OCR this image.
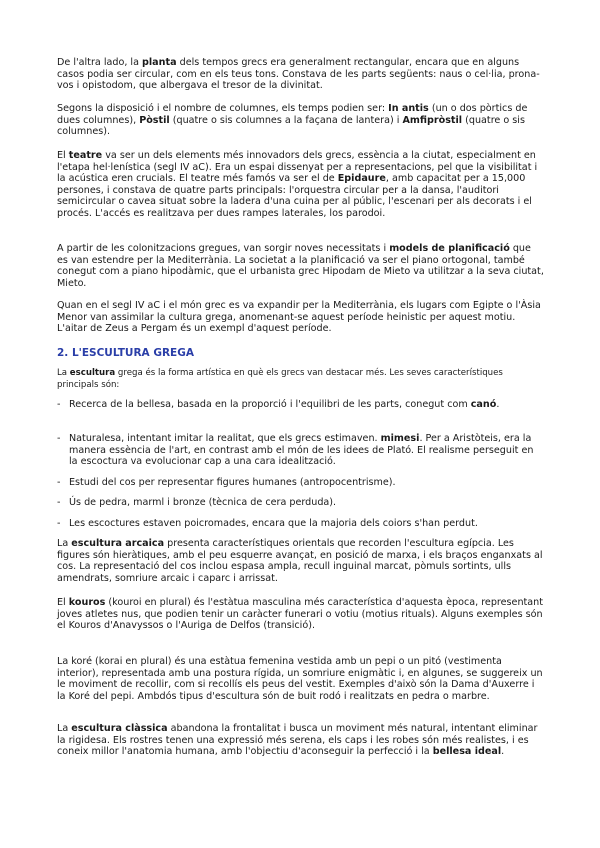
De l'altra lado, la planta dels tempos grecs era generalment rectangular, encara que en alguns casos podia ser circular, com en els teus tons. Constava de les parts següents: naus o cel·lia, prona-vos i opistodom, que albergava el tresor de la divinitat.

Segons la disposició i el nombre de columnes, els temps podien ser: In antis (un o dos pòrtics de dues columnes), Pòstil (quatre o sis columnes a la façana de lantera) i Amfipròstil (quatre o sis columnes).

El teatre va ser un dels elements més innovadors dels grecs, essència a la ciutat, especialment en l'etapa hel·lenística (segl IV aC). Era un espai dissenyat per a representacions, pel que la visibilitat i la acústica eren crucials. El teatre més famós va ser el de Epidaure, amb capacitat per a 15,000 persones, i constava de quatre parts principals: l'orquestra circular per a la dansa, l'auditori semicircular o cavea situat sobre la ladera d'una cuina per al públic, l'escenari per als decorats i el procés. L'accés es realitzava per dues rampes laterales, los parodoi.

A partir de les colonitzacions gregues, van sorgir noves necessitats i models de planificació que es van estendre per la Mediterrània. La societat a la planificació va ser el piano ortogonal, també conegut com a piano hipodàmic, que el urbanista grec Hipodam de Mieto va utilitzar a la seva ciutat, Mieto.

Quan en el segl IV aC i el món grec es va expandir per la Mediterrània, els lugars com Egipte o l'Àsia Menor van assimilar la cultura grega, anomenant-se aquest període heinistic per aquest motiu. L'aitar de Zeus a Pergam és un exempl d'aquest període.

2. L'ESCULTURA GREGA

La escultura grega és la forma artística en què els grecs van destacar més. Les seves característiques principals són:

- Recerca de la bellesa, basada en la proporció i l'equilibri de les parts, conegut com canó.
- Naturalesa, intentant imitar la realitat, que els grecs estimaven. mimesi. Per a Aristòteis, era la manera essència de l'art, en contrast amb el món de les idees de Plató. El realisme perseguit en la escoctura va evolucionar cap a una cara idealització.
- Estudi del cos per representar figures humanes (antropocentrisme).
- Ús de pedra, marml i bronze (tècnica de cera perduda).
- Les escoctures estaven poicromades, encara que la majoria dels coiors s'han perdut.

La escultura arcaica presenta característiques orientals que recorden l'escultura egípcia. Les figures són hieràtiques, amb el peu esquerre avançat, en posició de marxa, i els braços enganxats al cos. La representació del cos inclou espasa ampla, recull inguinal marcat, pòmuls sortints, ulls amendrats, somriure arcaic i caparc i arrissat.

El kouros (kouroi en plural) és l'estàtua masculina més característica d'aquesta època, representant joves atletes nus, que podien tenir un caràcter funerari o votiu (motius rituals). Alguns exemples són el Kouros d'Anavyssos o l'Auriga de Delfos (transició).

La koré (korai en plural) és una estàtua femenina vestida amb un pepi o un pitó (vestimenta interior), representada amb una postura rígida, un somriure enigmàtic i, en algunes, se suggereix un le moviment de recollir, com si recollís els peus del vestit. Exemples d'això són la Dama d'Auxerre i la Koré del pepi. Ambdós tipus d'escultura són de buit rodó i realitzats en pedra o marbre.

La escultura clàssica abandona la frontalitat i busca un moviment més natural, intentant eliminar la rigidesa. Els rostres tenen una expressió més serena, els caps i les robes són més realistes, i es coneix millor l'anatomia humana, amb l'objectiu d'aconseguir la perfecció i la bellesa ideal.
